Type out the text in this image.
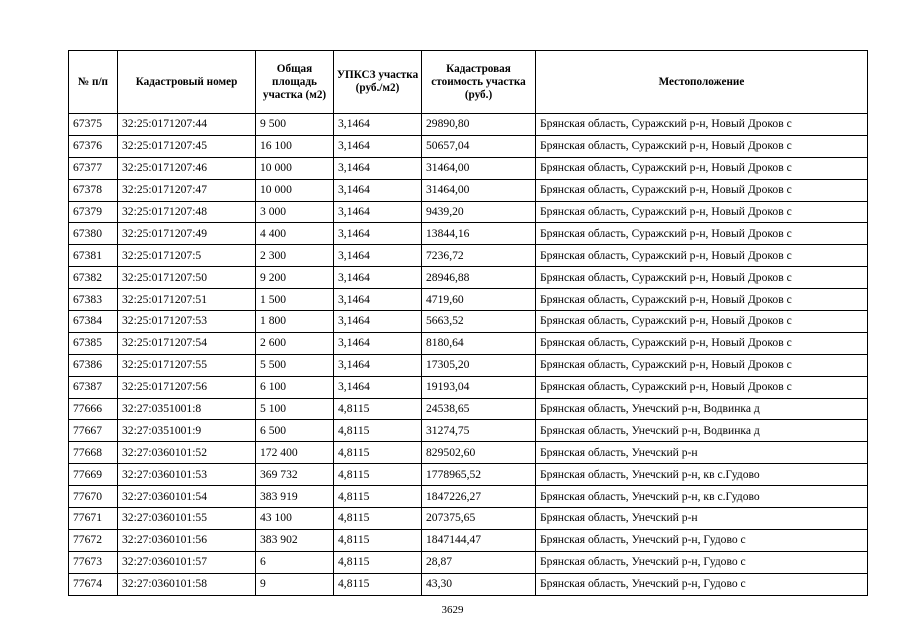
№ п/п	Кадастровый номер	Общая площадь участка (м2)	УПКСЗ участка (руб./м2)	Кадастровая стоимость участка (руб.)	Местоположение
67375	32:25:0171207:44	9 500	3,1464	29890,80	Брянская область, Суражский р-н, Новый Дроков с
67376	32:25:0171207:45	16 100	3,1464	50657,04	Брянская область, Суражский р-н, Новый Дроков с
67377	32:25:0171207:46	10 000	3,1464	31464,00	Брянская область, Суражский р-н, Новый Дроков с
67378	32:25:0171207:47	10 000	3,1464	31464,00	Брянская область, Суражский р-н, Новый Дроков с
67379	32:25:0171207:48	3 000	3,1464	9439,20	Брянская область, Суражский р-н, Новый Дроков с
67380	32:25:0171207:49	4 400	3,1464	13844,16	Брянская область, Суражский р-н, Новый Дроков с
67381	32:25:0171207:5	2 300	3,1464	7236,72	Брянская область, Суражский р-н, Новый Дроков с
67382	32:25:0171207:50	9 200	3,1464	28946,88	Брянская область, Суражский р-н, Новый Дроков с
67383	32:25:0171207:51	1 500	3,1464	4719,60	Брянская область, Суражский р-н, Новый Дроков с
67384	32:25:0171207:53	1 800	3,1464	5663,52	Брянская область, Суражский р-н, Новый Дроков с
67385	32:25:0171207:54	2 600	3,1464	8180,64	Брянская область, Суражский р-н, Новый Дроков с
67386	32:25:0171207:55	5 500	3,1464	17305,20	Брянская область, Суражский р-н, Новый Дроков с
67387	32:25:0171207:56	6 100	3,1464	19193,04	Брянская область, Суражский р-н, Новый Дроков с
77666	32:27:0351001:8	5 100	4,8115	24538,65	Брянская область, Унечский р-н, Водвинка д
77667	32:27:0351001:9	6 500	4,8115	31274,75	Брянская область, Унечский р-н, Водвинка д
77668	32:27:0360101:52	172 400	4,8115	829502,60	Брянская область, Унечский р-н
77669	32:27:0360101:53	369 732	4,8115	1778965,52	Брянская область, Унечский р-н, кв с.Гудово
77670	32:27:0360101:54	383 919	4,8115	1847226,27	Брянская область, Унечский р-н, кв с.Гудово
77671	32:27:0360101:55	43 100	4,8115	207375,65	Брянская область, Унечский р-н
77672	32:27:0360101:56	383 902	4,8115	1847144,47	Брянская область, Унечский р-н, Гудово с
77673	32:27:0360101:57	6	4,8115	28,87	Брянская область, Унечский р-н, Гудово с
77674	32:27:0360101:58	9	4,8115	43,30	Брянская область, Унечский р-н, Гудово с
3629
